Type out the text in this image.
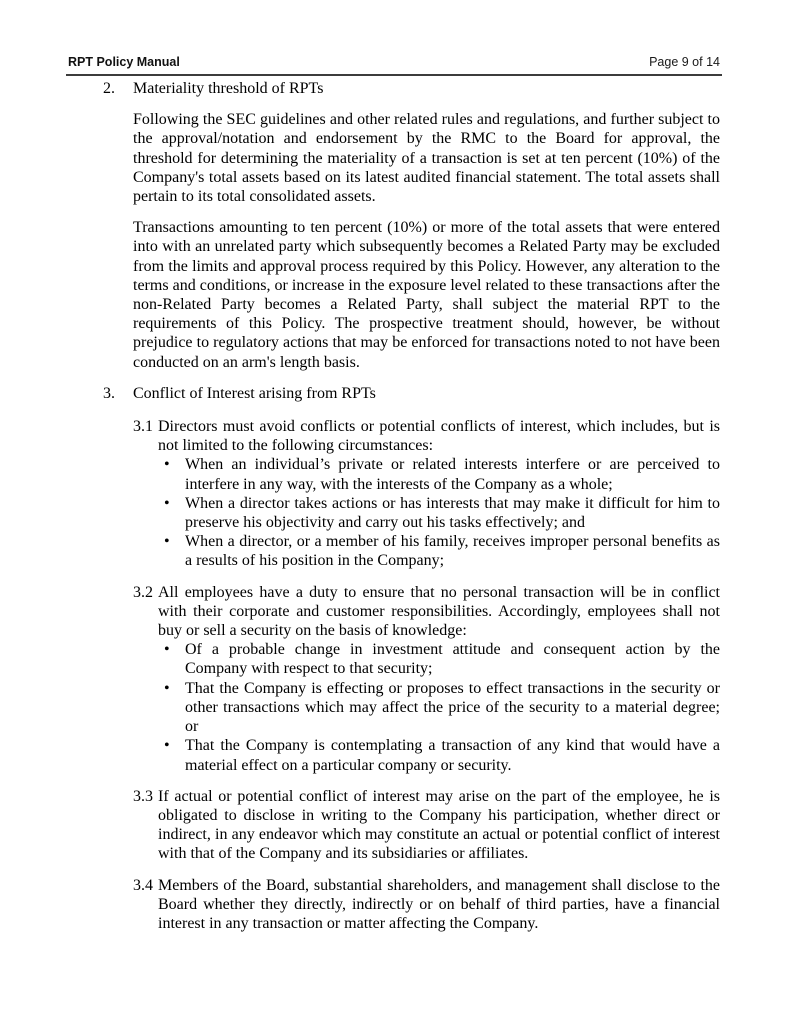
RPT Policy Manual	Page 9 of 14
2.	Materiality threshold of RPTs

Following the SEC guidelines and other related rules and regulations, and further subject to the approval/notation and endorsement by the RMC to the Board for approval, the threshold for determining the materiality of a transaction is set at ten percent (10%) of the Company's total assets based on its latest audited financial statement. The total assets shall pertain to its total consolidated assets.

Transactions amounting to ten percent (10%) or more of the total assets that were entered into with an unrelated party which subsequently becomes a Related Party may be excluded from the limits and approval process required by this Policy. However, any alteration to the terms and conditions, or increase in the exposure level related to these transactions after the non-Related Party becomes a Related Party, shall subject the material RPT to the requirements of this Policy. The prospective treatment should, however, be without prejudice to regulatory actions that may be enforced for transactions noted to not have been conducted on an arm's length basis.

3.	Conflict of Interest arising from RPTs
3.1 Directors must avoid conflicts or potential conflicts of interest, which includes, but is not limited to the following circumstances:
• When an individual’s private or related interests interfere or are perceived to interfere in any way, with the interests of the Company as a whole;
• When a director takes actions or has interests that may make it difficult for him to preserve his objectivity and carry out his tasks effectively; and
• When a director, or a member of his family, receives improper personal benefits as a results of his position in the Company;
3.2 All employees have a duty to ensure that no personal transaction will be in conflict with their corporate and customer responsibilities. Accordingly, employees shall not buy or sell a security on the basis of knowledge:
• Of a probable change in investment attitude and consequent action by the Company with respect to that security;
• That the Company is effecting or proposes to effect transactions in the security or other transactions which may affect the price of the security to a material degree; or
• That the Company is contemplating a transaction of any kind that would have a material effect on a particular company or security.
3.3 If actual or potential conflict of interest may arise on the part of the employee, he is obligated to disclose in writing to the Company his participation, whether direct or indirect, in any endeavor which may constitute an actual or potential conflict of interest with that of the Company and its subsidiaries or affiliates.
3.4 Members of the Board, substantial shareholders, and management shall disclose to the Board whether they directly, indirectly or on behalf of third parties, have a financial interest in any transaction or matter affecting the Company.
